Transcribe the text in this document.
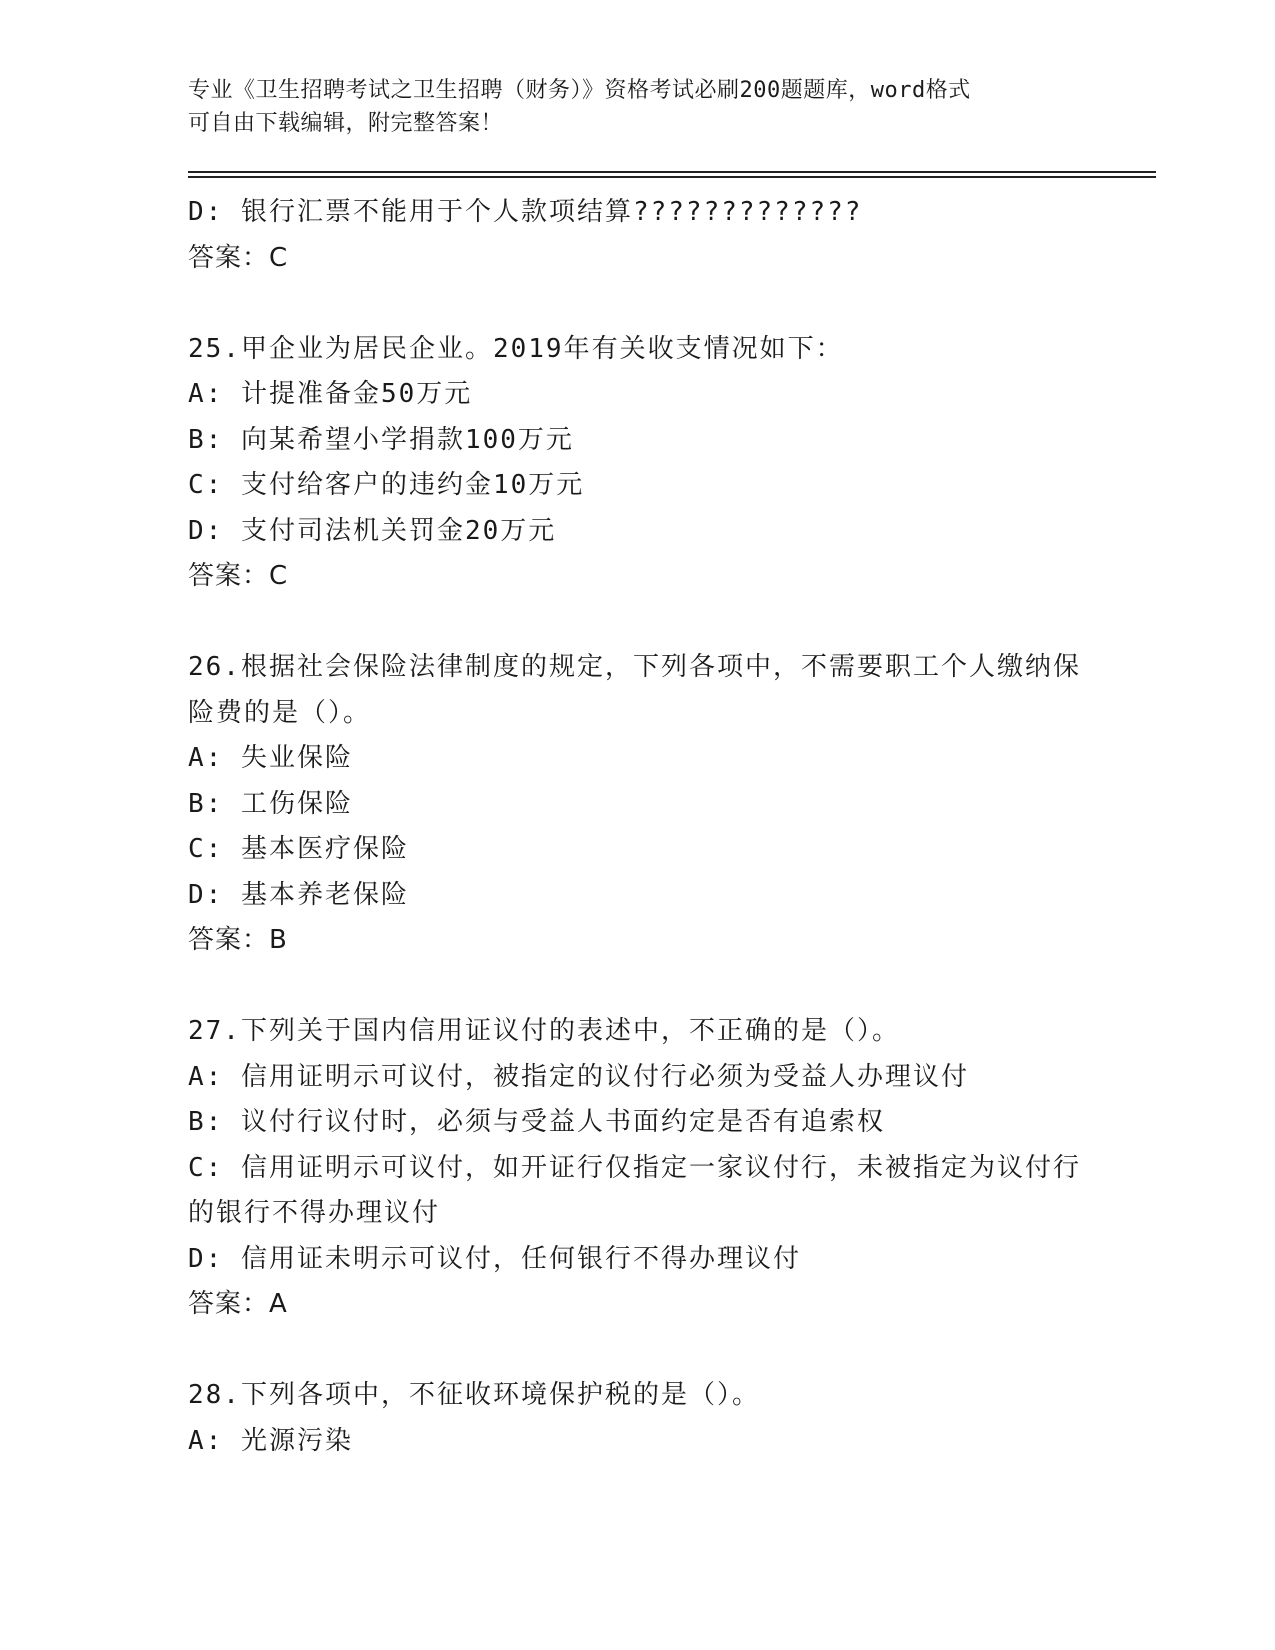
专业《卫生招聘考试之卫生招聘（财务）》资格考试必刷200题题库，word格式
可自由下载编辑，附完整答案！
D: 银行汇票不能用于个人款项结算?????????????
答案：C
25.甲企业为居民企业。2019年有关收支情况如下：
A: 计提准备金50万元
B: 向某希望小学捐款100万元
C: 支付给客户的违约金10万元
D: 支付司法机关罚金20万元
答案：C
26.根据社会保险法律制度的规定，下列各项中，不需要职工个人缴纳保险费的是（）。
A: 失业保险
B: 工伤保险
C: 基本医疗保险
D: 基本养老保险
答案：B
27.下列关于国内信用证议付的表述中，不正确的是（）。
A: 信用证明示可议付，被指定的议付行必须为受益人办理议付
B: 议付行议付时，必须与受益人书面约定是否有追索权
C: 信用证明示可议付，如开证行仅指定一家议付行，未被指定为议付行的银行不得办理议付
D: 信用证未明示可议付，任何银行不得办理议付
答案：A
28.下列各项中，不征收环境保护税的是（）。
A: 光源污染
